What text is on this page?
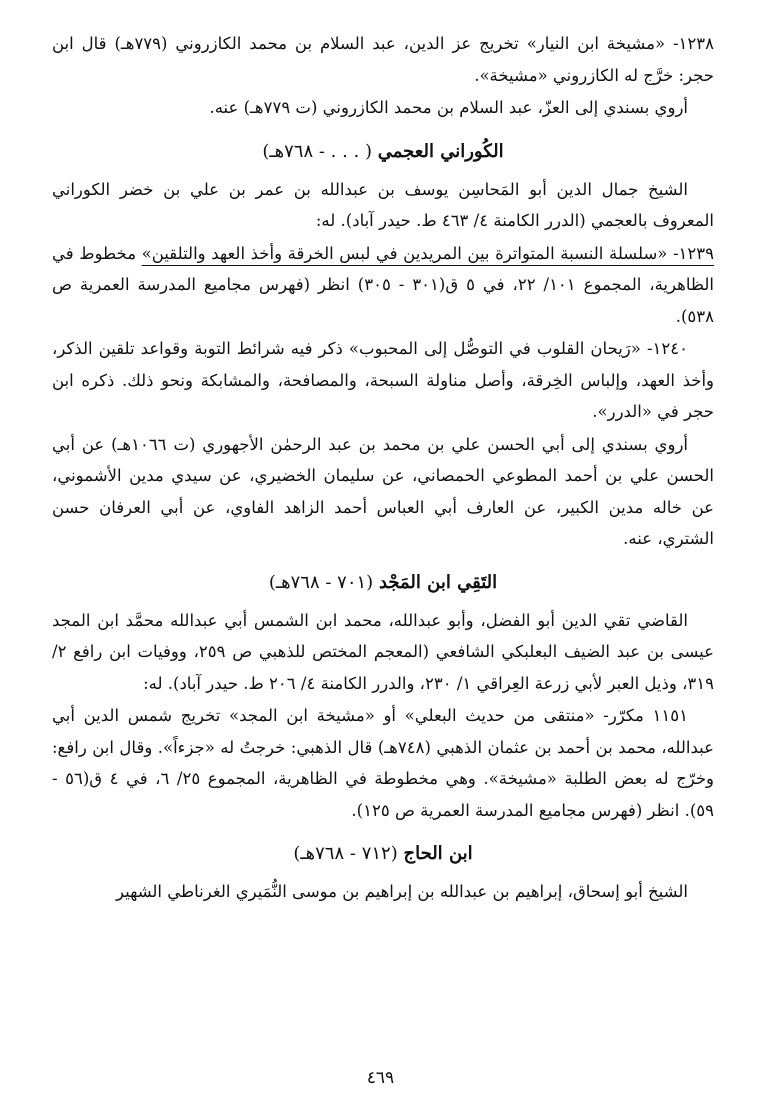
١٢٣٨- «مشيخة ابن النيار» تخريج عز الدين، عبد السلام بن محمد الكازروني (٧٧٩هـ) قال ابن حجر: خرَّج له الكازروني «مشيخة».

أروي بسندي إلى العزّ، عبد السلام بن محمد الكازروني (ت ٧٧٩هـ) عنه.

الكُوراني العجمي ( . . . - ٧٦٨هـ)

الشيخ جمال الدين أبو المَحاسِن يوسف بن عبدالله بن عمر بن علي بن خضر الكوراني المعروف بالعجمي (الدرر الكامنة ٤/ ٤٦٣ ط. حيدر آباد). له:

١٢٣٩- «سلسلة النسبة المتواترة بين المريدين في لبس الخرقة وأخذ العهد والتلقين» مخطوط في الظاهرية، المجموع ١٠١/ ٢٢، في ٥ ق(٣٠١ - ٣٠٥) انظر (فهرس مجاميع المدرسة العمرية ص ٥٣٨).

١٢٤٠- «رَيحان القلوب في التوصُّل إلى المحبوب» ذكر فيه شرائط التوبة وقواعد تلقين الذكر، وأخذ العهد، وإلباس الخِرقة، وأصل مناولة السبحة، والمصافحة، والمشابكة ونحو ذلك. ذكره ابن حجر في «الدرر».

أروي بسندي إلى أبي الحسن علي بن محمد بن عبد الرحمٰن الأجهوري (ت ١٠٦٦هـ) عن أبي الحسن علي بن أحمد المطوعي الحمصاني، عن سليمان الخضيري، عن سيدي مدين الأشموني، عن خاله مدين الكبير، عن العارف أبي العباس أحمد الزاهد الفاوي، عن أبي العرفان حسن الشتري، عنه.

التَقِي ابن المَجْد (٧٠١ - ٧٦٨هـ)

القاضي تقي الدين أبو الفضل، وأبو عبدالله، محمد ابن الشمس أبي عبدالله محمَّد ابن المجد عيسى بن عبد الضيف البعلبكي الشافعي (المعجم المختص للذهبي ص ٢٥٩، ووفيات ابن رافع ٢/ ٣١٩، وذيل العبر لأبي زرعة العِراقي ١/ ٢٣٠، والدرر الكامنة ٤/ ٢٠٦ ط. حيدر آباد). له:

١١٥١ مكرّر- «منتقى من حديث البعلي» أو «مشيخة ابن المجد» تخريج شمس الدين أبي عبدالله، محمد بن أحمد بن عثمان الذهبي (٧٤٨هـ) قال الذهبي: خرجتُ له «جزءاً». وقال ابن رافع: وخرّج له بعض الطلبة «مشيخة». وهي مخطوطة في الظاهرية، المجموع ٢٥/ ٦، في ٤ ق(٥٦ - ٥٩). انظر (فهرس مجاميع المدرسة العمرية ص ١٢٥).

ابن الحاج (٧١٢ - ٧٦٨هـ)

الشيخ أبو إسحاق، إبراهيم بن عبدالله بن إبراهيم بن موسى النُّمَيري الغرناطي الشهير

٤٦٩
